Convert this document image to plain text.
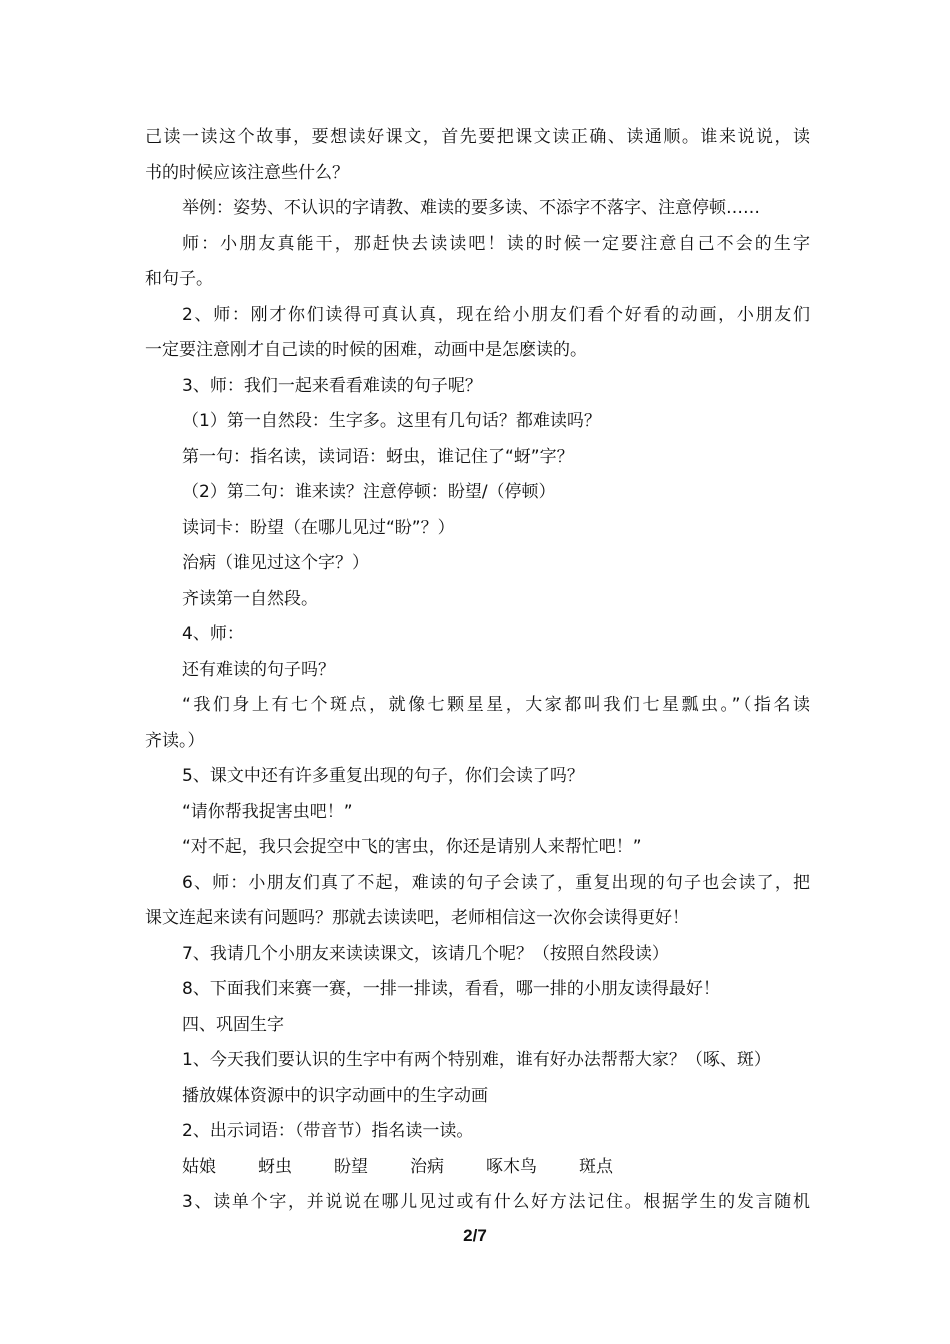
己读一读这个故事，要想读好课文，首先要把课文读正确、读通顺。谁来说说，读
书的时候应该注意些什么？
举例：姿势、不认识的字请教、难读的要多读、不添字不落字、注意停顿……
师：小朋友真能干，那赶快去读读吧！读的时候一定要注意自己不会的生字
和句子。
2、师：刚才你们读得可真认真，现在给小朋友们看个好看的动画，小朋友们
一定要注意刚才自己读的时候的困难，动画中是怎麽读的。
3、师：我们一起来看看难读的句子呢？
（1）第一自然段：生字多。这里有几句话？都难读吗？
第一句：指名读，读词语：蚜虫，谁记住了“蚜”字？
（2）第二句：谁来读？注意停顿：盼望/（停顿）
读词卡：盼望（在哪儿见过“盼”？）
治病（谁见过这个字？）
齐读第一自然段。
4、师：
还有难读的句子吗？
“我们身上有七个斑点，就像七颗星星，大家都叫我们七星瓢虫。”（指名读
齐读。）
5、课文中还有许多重复出现的句子，你们会读了吗？
“请你帮我捉害虫吧！”
“对不起，我只会捉空中飞的害虫，你还是请别人来帮忙吧！”
6、师：小朋友们真了不起，难读的句子会读了，重复出现的句子也会读了，把
课文连起来读有问题吗？那就去读读吧，老师相信这一次你会读得更好！
7、我请几个小朋友来读读课文，该请几个呢？（按照自然段读）
8、下面我们来赛一赛，一排一排读，看看，哪一排的小朋友读得最好！
四、巩固生字
1、今天我们要认识的生字中有两个特别难，谁有好办法帮帮大家？（啄、斑）
播放媒体资源中的识字动画中的生字动画
2、出示词语：（带音节）指名读一读。
姑娘 蚜虫 盼望 治病 啄木鸟 斑点
3、读单个字，并说说在哪儿见过或有什么好方法记住。根据学生的发言随机
2/7
